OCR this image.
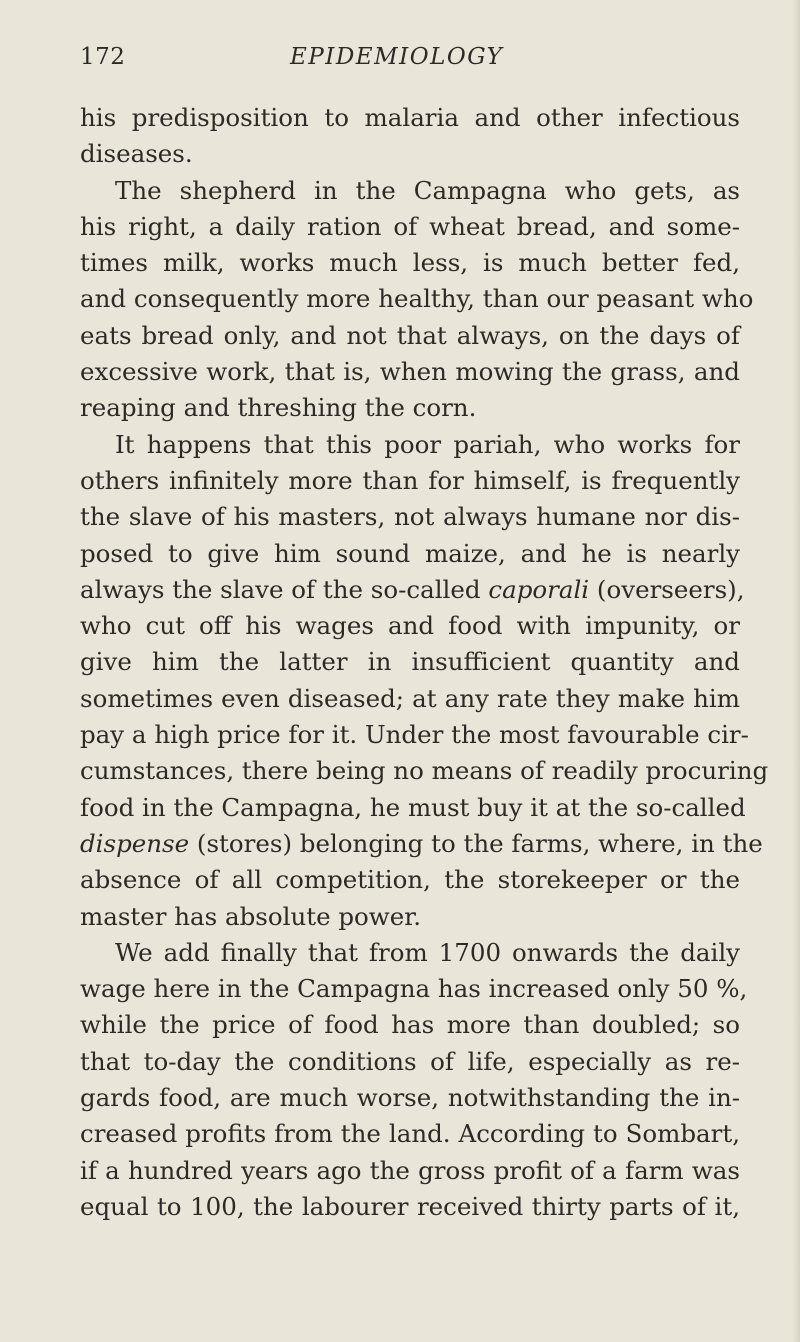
172	EPIDEMIOLOGY
his predisposition to malaria and other infectious
diseases.
The shepherd in the Campagna who gets, as
his right, a daily ration of wheat bread, and some-
times milk, works much less, is much better fed,
and consequently more healthy, than our peasant who
eats bread only, and not that always, on the days of
excessive work, that is, when mowing the grass, and
reaping and threshing the corn.
It happens that this poor pariah, who works for
others infinitely more than for himself, is frequently
the slave of his masters, not always humane nor dis-
posed to give him sound maize, and he is nearly
always the slave of the so-called caporali (overseers),
who cut off his wages and food with impunity, or
give him the latter in insufficient quantity and
sometimes even diseased; at any rate they make him
pay a high price for it. Under the most favourable cir-
cumstances, there being no means of readily procuring
food in the Campagna, he must buy it at the so-called
dispense (stores) belonging to the farms, where, in the
absence of all competition, the storekeeper or the
master has absolute power.
We add finally that from 1700 onwards the daily
wage here in the Campagna has increased only 50 %,
while the price of food has more than doubled; so
that to-day the conditions of life, especially as re-
gards food, are much worse, notwithstanding the in-
creased profits from the land. According to Sombart,
if a hundred years ago the gross profit of a farm was
equal to 100, the labourer received thirty parts of it,
